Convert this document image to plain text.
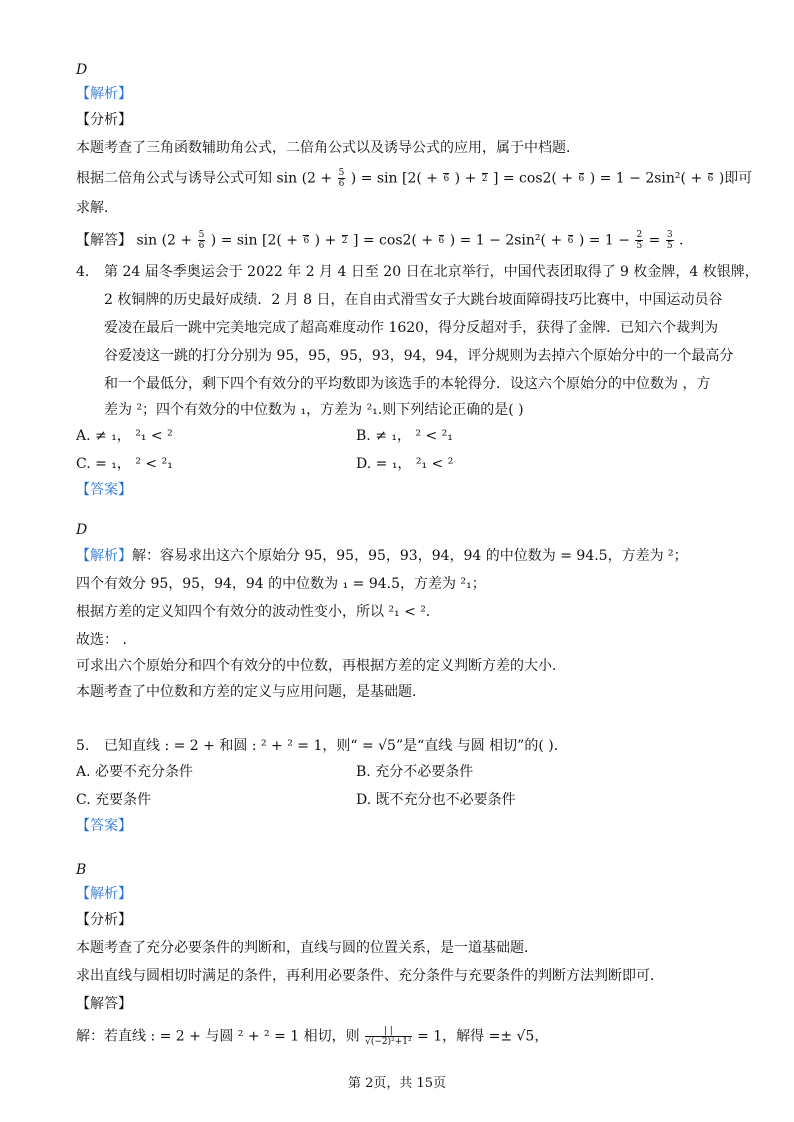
D
【解析】
【分析】
本题考查了三角函数辅助角公式，二倍角公式以及诱导公式的应用，属于中档题．
根据二倍角公式与诱导公式可知 $\sin (2 + \frac{5}{6}$ ) = sin [2( + 6 ) + 2 ] = cos2( + 6 ) = 1 − 2sin²( + 6 )即可
求解．
【解答】 $\sin (2 + \frac{5}{6}$ ) = sin [2( + 6 ) + 2 ] = cos2( + 6 ) = 1 − 2sin²( + 6 ) = $1 - \frac{2}{5} = \frac{3}{5}$ ．
4. 第 24 届冬季奥运会于 2022 年 2 月 4 日至 20 日在北京举行，中国代表团取得了 9 枚金牌，4 枚银牌，
2 枚铜牌的历史最好成绩．2 月 8 日，在自由式滑雪女子大跳台坡面障碍技巧比赛中，中国运动员谷
爱凌在最后一跳中完美地完成了超高难度动作 1620，得分反超对手，获得了金牌．已知六个裁判为
谷爱凌这一跳的打分分别为 95，95，95，93，94，94，评分规则为去掉六个原始分中的一个最高分
和一个最低分，剩下四个有效分的平均数即为该选手的本轮得分．设这六个原始分的中位数为 ，方
差为 ²；四个有效分的中位数为 ₁，方差为 ²₁.则下列结论正确的是( )
A. ≠ ₁， ²₁ < ²	B. ≠ ₁， ² < ²₁
C. = ₁， ² < ²₁	D. = ₁， ²₁ < ²
【答案】
D
【解析】解：容易求出这六个原始分 95，95，95，93，94，94 的中位数为 = 94.5，方差为 ²；
四个有效分 95，95，94，94 的中位数为 ₁ = 94.5，方差为 ²₁；
根据方差的定义知四个有效分的波动性变小，所以 ²₁ < ²．
故选： ．
可求出六个原始分和四个有效分的中位数，再根据方差的定义判断方差的大小．
本题考查了中位数和方差的定义与应用问题，是基础题．
5. 已知直线 : = 2 + 和圆 : ² + ² = 1，则“ = √5”是“直线 与圆 相切”的( )．
A. 必要不充分条件	B. 充分不必要条件
C. 充要条件	D. 既不充分也不必要条件
【答案】
B
【解析】
【分析】
本题考查了充分必要条件的判断和，直线与圆的位置关系，是一道基础题．
求出直线与圆相切时满足的条件，再利用必要条件、充分条件与充要条件的判断方法判断即可．
【解答】
解：若直线 : = 2 + 与圆 ² + ² = 1 相切，则 $\frac{| |}{\text{√(−2)²+1²}} = 1$，解得 =± √5，
第 2页，共 15页
